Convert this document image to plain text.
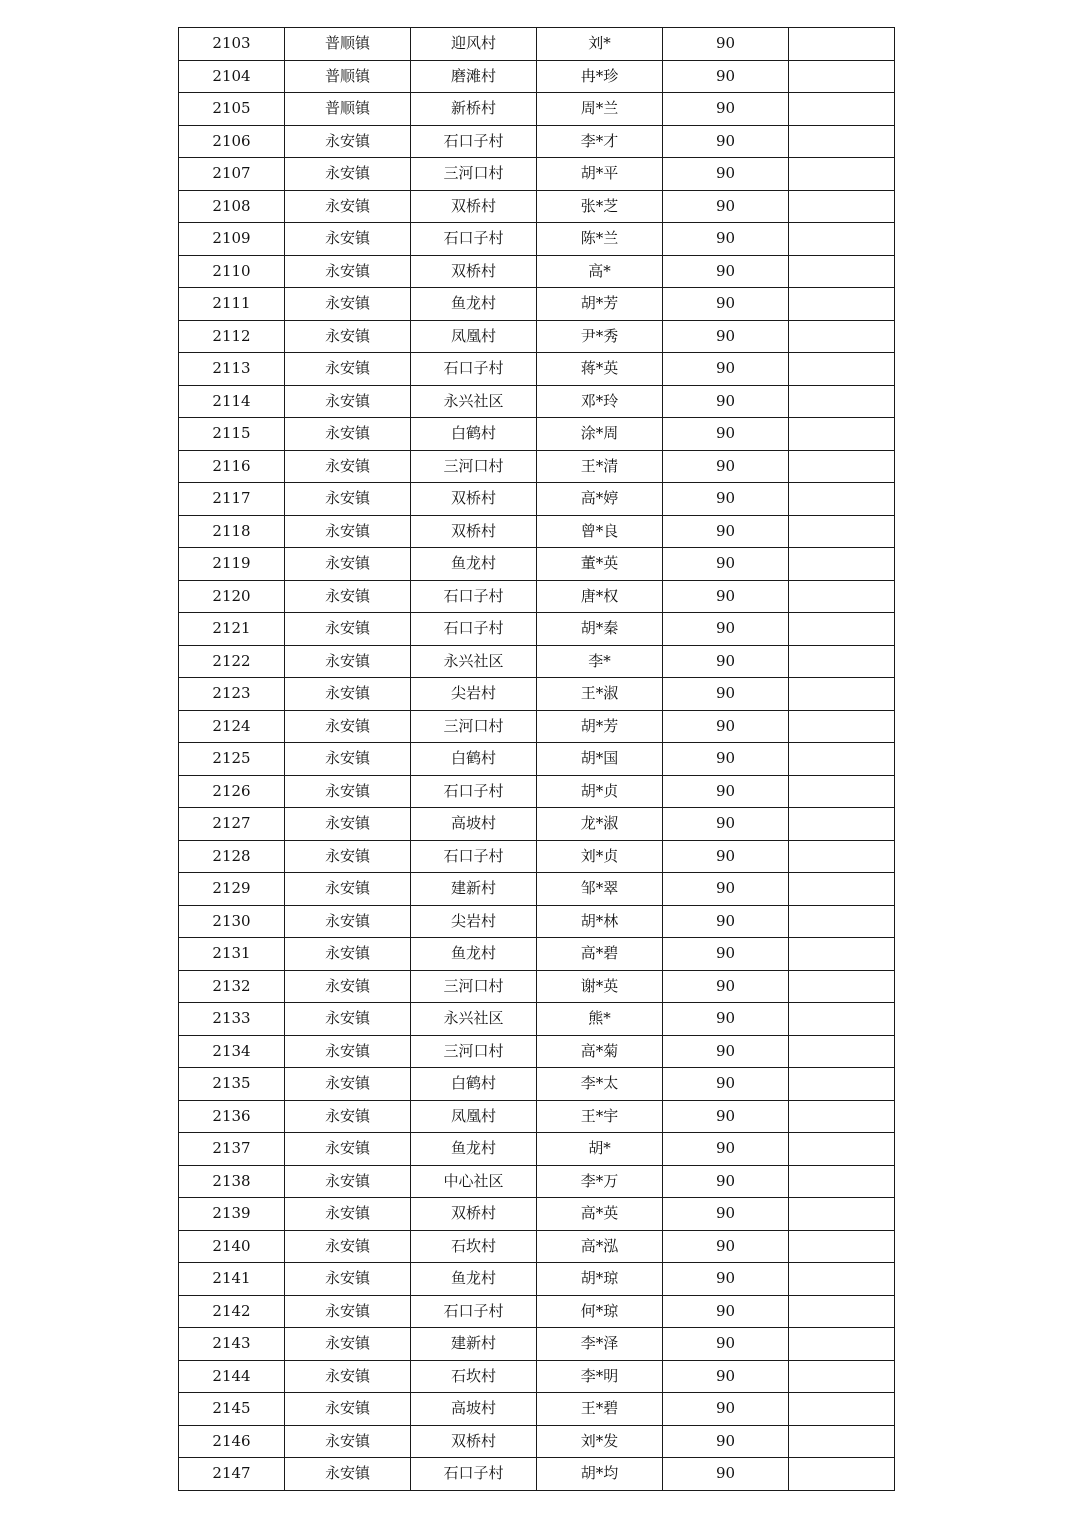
2103	普顺镇	迎风村	刘*	90	
2104	普顺镇	磨滩村	冉*珍	90	
2105	普顺镇	新桥村	周*兰	90	
2106	永安镇	石口子村	李*才	90	
2107	永安镇	三河口村	胡*平	90	
2108	永安镇	双桥村	张*芝	90	
2109	永安镇	石口子村	陈*兰	90	
2110	永安镇	双桥村	高*	90	
2111	永安镇	鱼龙村	胡*芳	90	
2112	永安镇	凤凰村	尹*秀	90	
2113	永安镇	石口子村	蒋*英	90	
2114	永安镇	永兴社区	邓*玲	90	
2115	永安镇	白鹤村	涂*周	90	
2116	永安镇	三河口村	王*清	90	
2117	永安镇	双桥村	高*婷	90	
2118	永安镇	双桥村	曾*良	90	
2119	永安镇	鱼龙村	董*英	90	
2120	永安镇	石口子村	唐*权	90	
2121	永安镇	石口子村	胡*秦	90	
2122	永安镇	永兴社区	李*	90	
2123	永安镇	尖岩村	王*淑	90	
2124	永安镇	三河口村	胡*芳	90	
2125	永安镇	白鹤村	胡*国	90	
2126	永安镇	石口子村	胡*贞	90	
2127	永安镇	高坡村	龙*淑	90	
2128	永安镇	石口子村	刘*贞	90	
2129	永安镇	建新村	邹*翠	90	
2130	永安镇	尖岩村	胡*林	90	
2131	永安镇	鱼龙村	高*碧	90	
2132	永安镇	三河口村	谢*英	90	
2133	永安镇	永兴社区	熊*	90	
2134	永安镇	三河口村	高*菊	90	
2135	永安镇	白鹤村	李*太	90	
2136	永安镇	凤凰村	王*宇	90	
2137	永安镇	鱼龙村	胡*	90	
2138	永安镇	中心社区	李*万	90	
2139	永安镇	双桥村	高*英	90	
2140	永安镇	石坎村	高*泓	90	
2141	永安镇	鱼龙村	胡*琼	90	
2142	永安镇	石口子村	何*琼	90	
2143	永安镇	建新村	李*泽	90	
2144	永安镇	石坎村	李*明	90	
2145	永安镇	高坡村	王*碧	90	
2146	永安镇	双桥村	刘*发	90	
2147	永安镇	石口子村	胡*均	90	
